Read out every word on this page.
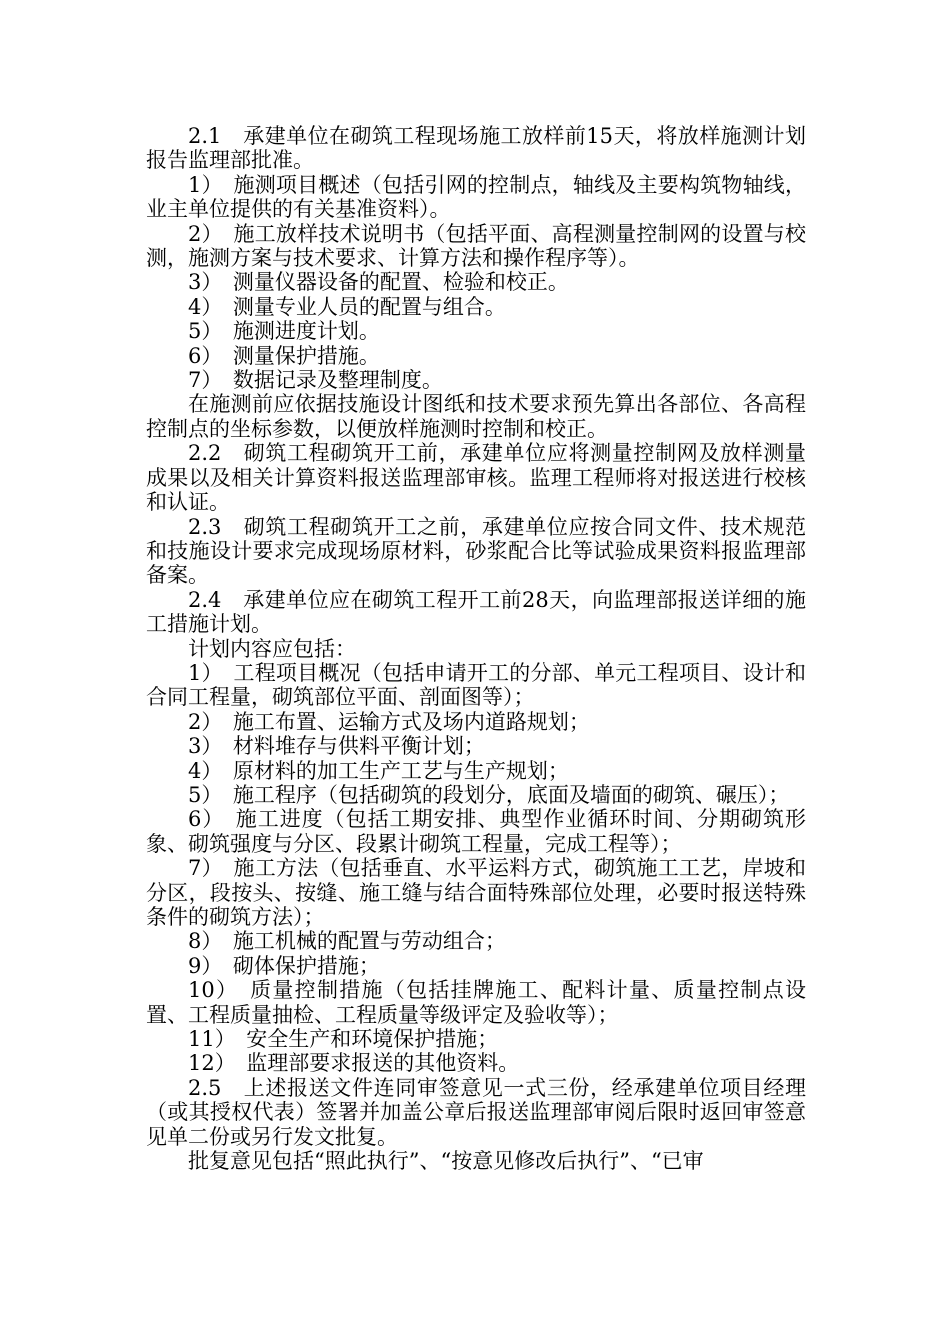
2.1　承建单位在砌筑工程现场施工放样前15天，将放样施测计划报告监理部批准。

1）　施测项目概述（包括引网的控制点，轴线及主要构筑物轴线，业主单位提供的有关基准资料）。

2）　施工放样技术说明书（包括平面、高程测量控制网的设置与校测，施测方案与技术要求、计算方法和操作程序等）。

3）　测量仪器设备的配置、检验和校正。

4）　测量专业人员的配置与组合。

5）　施测进度计划。

6）　测量保护措施。

7）　数据记录及整理制度。

在施测前应依据技施设计图纸和技术要求预先算出各部位、各高程控制点的坐标参数，以便放样施测时控制和校正。

2.2　砌筑工程砌筑开工前，承建单位应将测量控制网及放样测量成果以及相关计算资料报送监理部审核。监理工程师将对报送进行校核和认证。

2.3　砌筑工程砌筑开工之前，承建单位应按合同文件、技术规范和技施设计要求完成现场原材料，砂浆配合比等试验成果资料报监理部备案。

2.4　承建单位应在砌筑工程开工前28天，向监理部报送详细的施工措施计划。

计划内容应包括：

1）　工程项目概况（包括申请开工的分部、单元工程项目、设计和合同工程量，砌筑部位平面、剖面图等）；

2）　施工布置、运输方式及场内道路规划；

3）　材料堆存与供料平衡计划；

4）　原材料的加工生产工艺与生产规划；

5）　施工程序（包括砌筑的段划分，底面及墙面的砌筑、碾压）；

6）　施工进度（包括工期安排、典型作业循环时间、分期砌筑形象、砌筑强度与分区、段累计砌筑工程量，完成工程等）；

7）　施工方法（包括垂直、水平运料方式，砌筑施工工艺，岸坡和分区，段按头、按缝、施工缝与结合面特殊部位处理，必要时报送特殊条件的砌筑方法）；

8）　施工机械的配置与劳动组合；

9）　砌体保护措施；

10）　质量控制措施（包括挂牌施工、配料计量、质量控制点设置、工程质量抽检、工程质量等级评定及验收等）；

11）　安全生产和环境保护措施；

12）　监理部要求报送的其他资料。

2.5　上述报送文件连同审签意见一式三份，经承建单位项目经理（或其授权代表）签署并加盖公章后报送监理部审阅后限时返回审签意见单二份或另行发文批复。

批复意见包括“照此执行”、“按意见修改后执行”、“已审
